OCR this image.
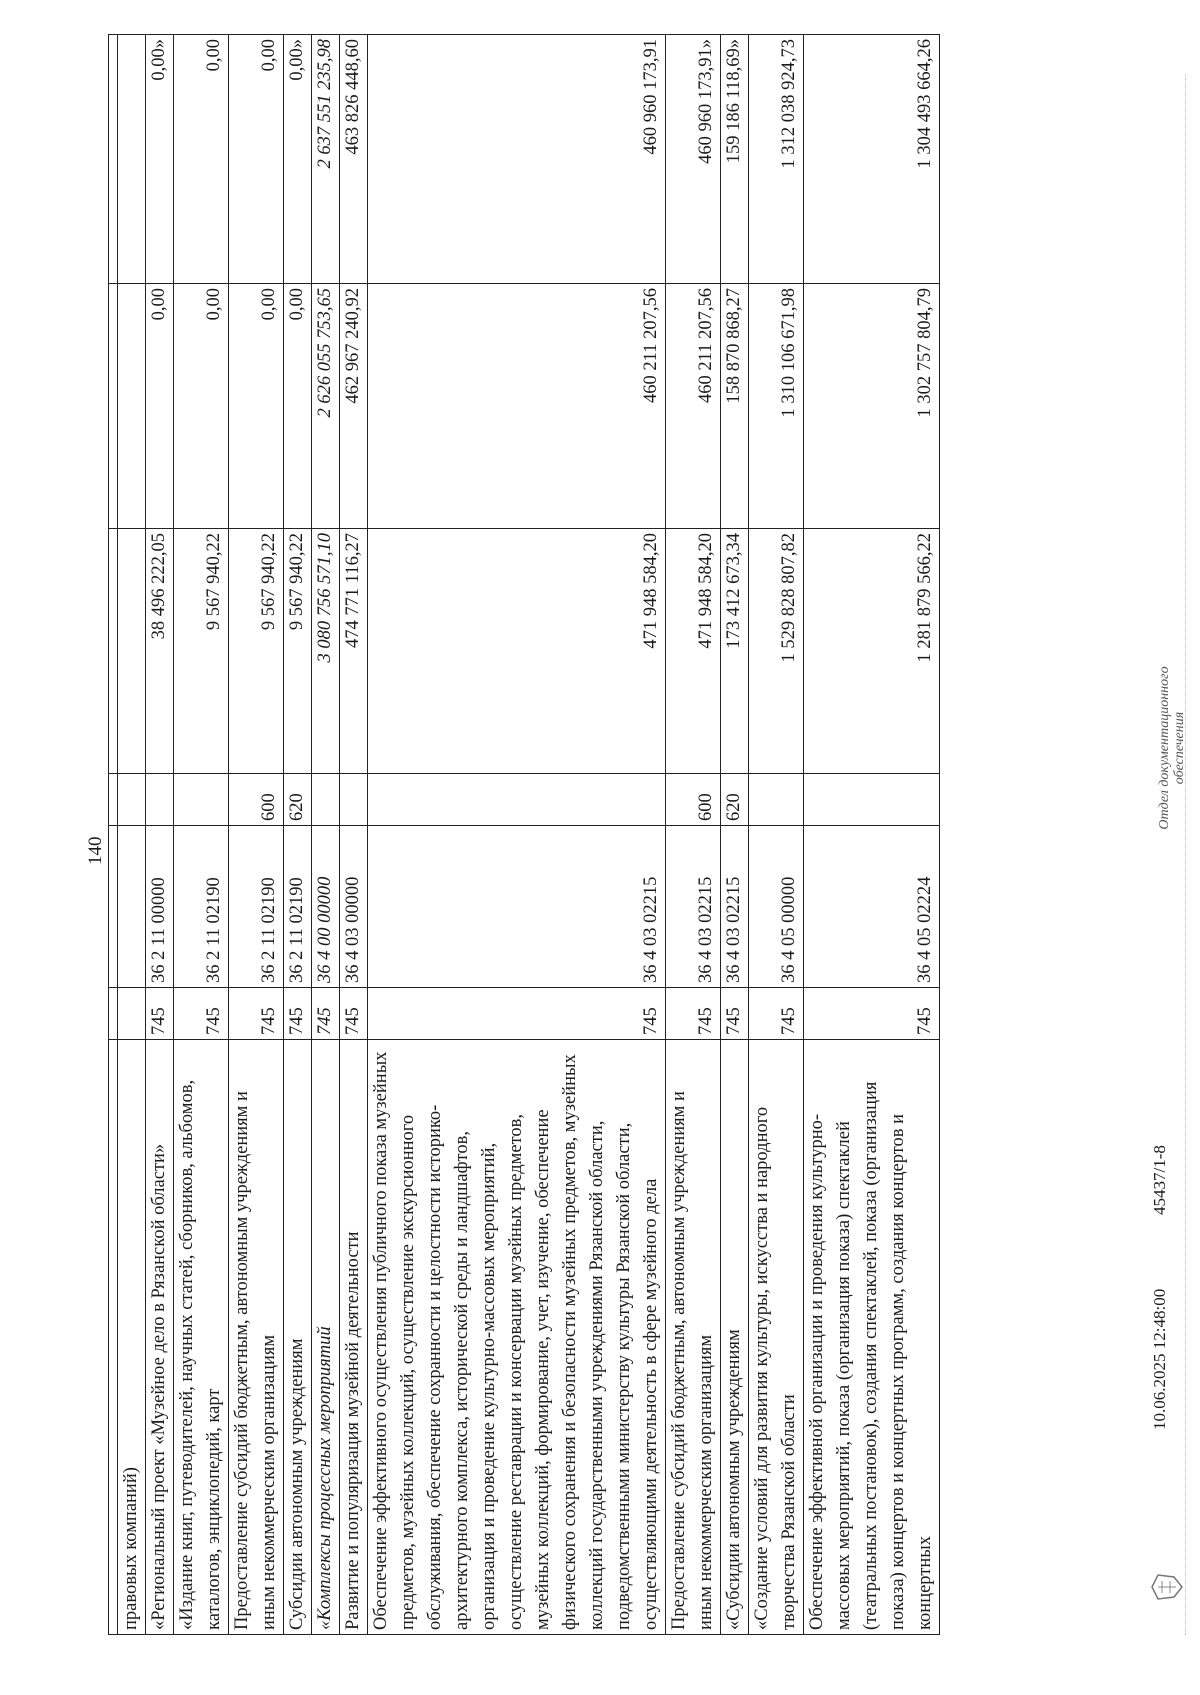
140

правовых компаний)						
«Региональный проект «Музейное дело в Рязанской области»	745	36 2 11 00000		38 496 222,05	0,00	0,00»
«Издание книг, путеводителей, научных статей, сборников, альбомов, каталогов, энциклопедий, карт	745	36 2 11 02190		9 567 940,22	0,00	0,00
Предоставление субсидий бюджетным, автономным учреждениям и иным некоммерческим организациям	745	36 2 11 02190	600	9 567 940,22	0,00	0,00
Субсидии автономным учреждениям	745	36 2 11 02190	620	9 567 940,22	0,00	0,00»
«Комплексы процессных мероприятий	745	36 4 00 00000		3 080 756 571,10	2 626 055 753,65	2 637 551 235,98
Развитие и популяризация музейной деятельности	745	36 4 03 00000		474 771 116,27	462 967 240,92	463 826 448,60
Обеспечение эффективного осуществления публичного показа музейных предметов, музейных коллекций, осуществление экскурсионного обслуживания, обеспечение сохранности и целостности историко-архитектурного комплекса, исторической среды и ландшафтов, организация и проведение культурно-массовых мероприятий, осуществление реставрации и консервации музейных предметов, музейных коллекций, формирование, учет, изучение, обеспечение физического сохранения и безопасности музейных предметов, музейных коллекций государственными учреждениями Рязанской области, подведомственными министерству культуры Рязанской области, осуществляющими деятельность в сфере музейного дела	745	36 4 03 02215		471 948 584,20	460 211 207,56	460 960 173,91
Предоставление субсидий бюджетным, автономным учреждениям и иным некоммерческим организациям	745	36 4 03 02215	600	471 948 584,20	460 211 207,56	460 960 173,91»
«Субсидии автономным учреждениям	745	36 4 03 02215	620	173 412 673,34	158 870 868,27	159 186 118,69»
«Создание условий для развития культуры, искусства и народного творчества Рязанской области	745	36 4 05 00000		1 529 828 807,82	1 310 106 671,98	1 312 038 924,73
Обеспечение эффективной организации и проведения культурно-массовых мероприятий, показа (организация показа) спектаклей (театральных постановок), создания спектаклей, показа (организация показа) концертов и концертных программ, создания концертов и концертных	745	36 4 05 02224		1 281 879 566,22	1 302 757 804,79	1 304 493 664,26
10.06.2025 12:48:00
45437/1-8
Отдел документационного обеспечения
